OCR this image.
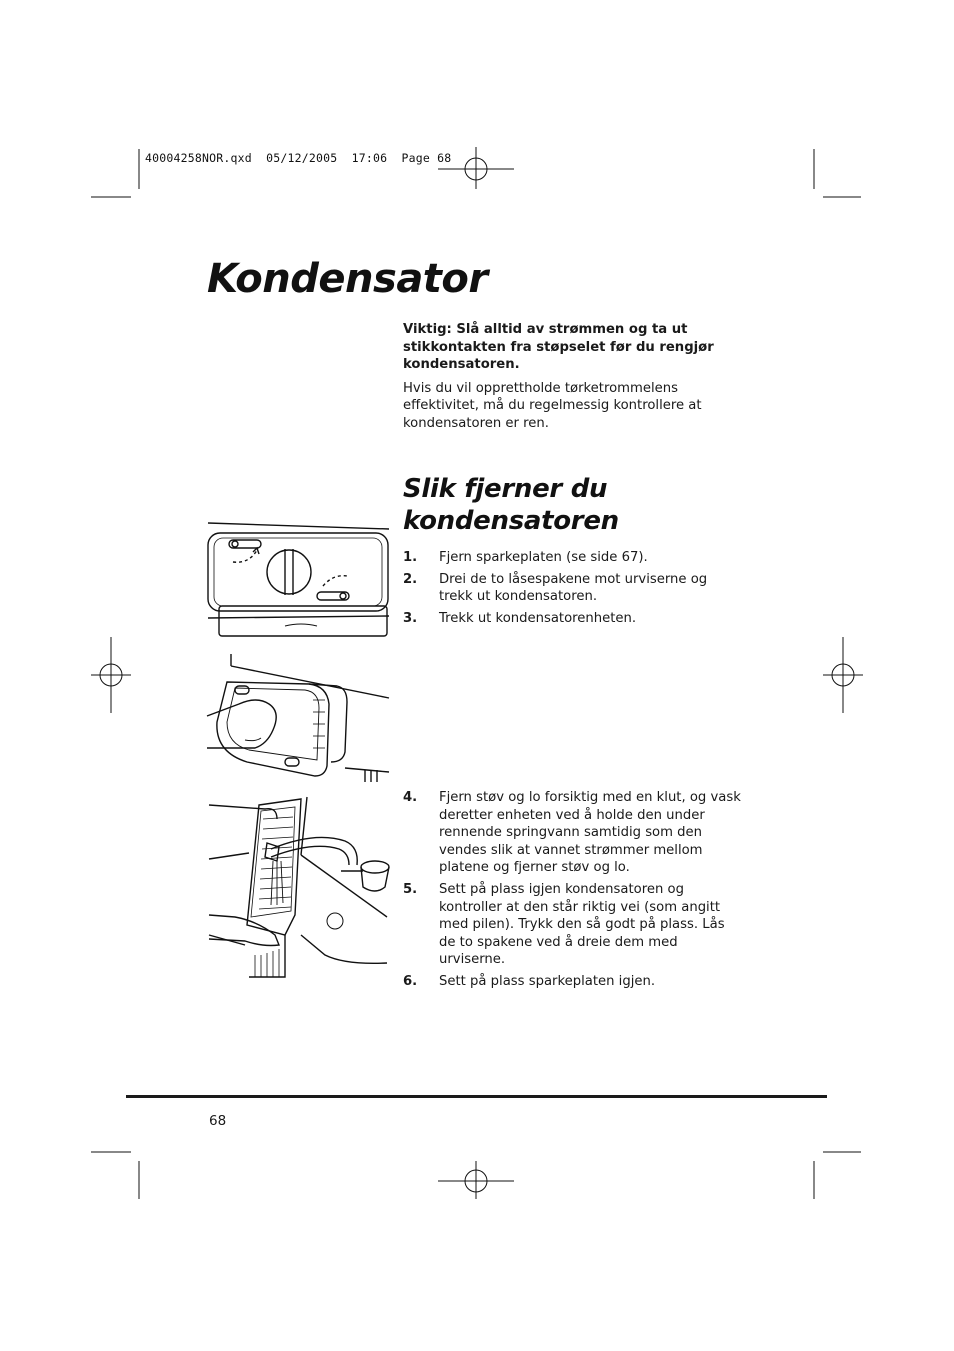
40004258NOR.qxd  05/12/2005  17:06  Page 68
Kondensator

Viktig: Slå alltid av strømmen og ta ut stikkontakten fra støpselet før du rengjør kondensatoren.

Hvis du vil opprettholde tørketrommelens effektivitet, må du regelmessig kontrollere at kondensatoren er ren.

Slik fjerner du kondensatoren
1. Fjern sparkeplaten (se side 67).
2. Drei de to låsespakene mot urviserne og trekk ut kondensatoren.
3. Trekk ut kondensatorenheten.
4. Fjern støv og lo forsiktig med en klut, og vask deretter enheten ved å holde den under rennende springvann samtidig som den vendes slik at vannet strømmer mellom platene og fjerner støv og lo.
5. Sett på plass igjen kondensatoren og kontroller at den står riktig vei (som angitt med pilen). Trykk den så godt på plass. Lås de to spakene ved å dreie dem med urviserne.
6. Sett på plass sparkeplaten igjen.
68
